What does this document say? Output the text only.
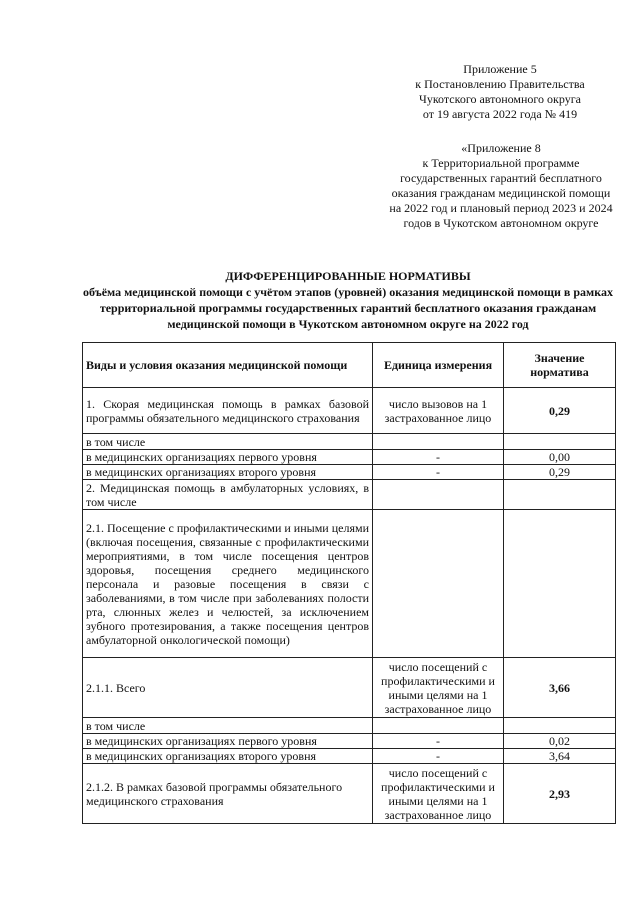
Приложение 5
к Постановлению Правительства
Чукотского автономного округа
от 19 августа 2022 года № 419
«Приложение 8
к Территориальной программе
государственных гарантий бесплатного
оказания гражданам медицинской помощи
на 2022 год и плановый период 2023 и 2024
годов в Чукотском автономном округе
ДИФФЕРЕНЦИРОВАННЫЕ НОРМАТИВЫ
объёма медицинской помощи с учётом этапов (уровней) оказания медицинской помощи в рамках территориальной программы государственных гарантий бесплатного оказания гражданам медицинской помощи в Чукотском автономном округе на 2022 год
Виды и условия оказания медицинской помощи	Единица измерения	Значение норматива
1. Скорая медицинская помощь в рамках базовой программы обязательного медицинского страхования	число вызовов на 1 застрахованное лицо	0,29
в том числе		
в медицинских организациях первого уровня	-	0,00
в медицинских организациях второго уровня	-	0,29
2. Медицинская помощь в амбулаторных условиях, в том числе		
2.1. Посещение с профилактическими и иными целями (включая посещения, связанные с профилактическими мероприятиями, в том числе посещения центров здоровья, посещения среднего медицинского персонала и разовые посещения в связи с заболеваниями, в том числе при заболеваниях полости рта, слюнных желез и челюстей, за исключением зубного протезирования, а также посещения центров амбулаторной онкологической помощи)		
2.1.1. Всего	число посещений с профилактическими и иными целями на 1 застрахованное лицо	3,66
в том числе		
в медицинских организациях первого уровня	-	0,02
в медицинских организациях второго уровня	-	3,64
2.1.2. В рамках базовой программы обязательного медицинского страхования	число посещений с профилактическими и иными целями на 1 застрахованное лицо	2,93
